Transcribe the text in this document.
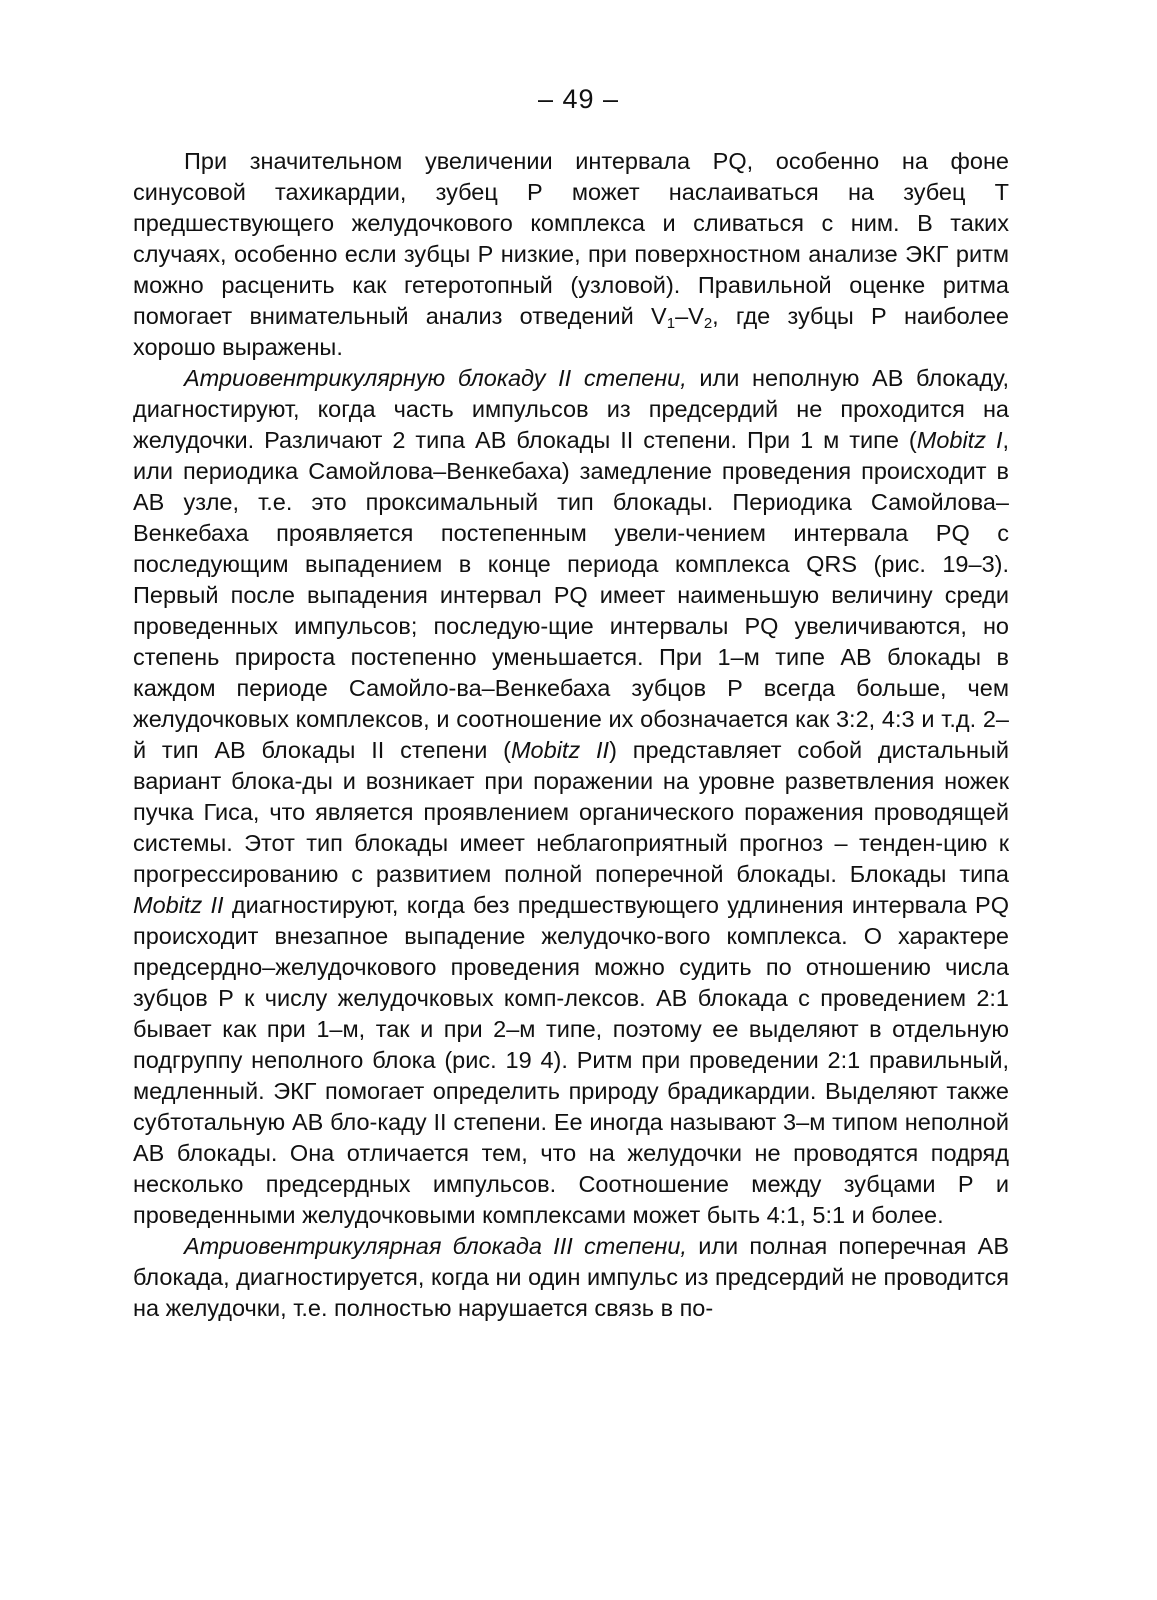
– 49 –

При значительном увеличении интервала PQ, особенно на фоне синусовой тахикардии, зубец Р может наслаиваться на зубец Т предшествующего желудочкового комплекса и сливаться с ним. В таких случаях, особенно если зубцы Р низкие, при поверхностном анализе ЭКГ ритм можно расценить как гетеротопный (узловой). Правильной оценке ритма помогает внимательный анализ отведений $V_1-V_2$, где зубцы Р наиболее хорошо выражены.

Атриовентрикулярную блокаду II степени, или неполную АВ блокаду, диагностируют, когда часть импульсов из предсердий не проходится на желудочки. Различают 2 типа АВ блокады II степени. При 1 м типе (Mobitz I, или периодика Самойлова–Венкебаха) замедление проведения происходит в АВ узле, т.е. это проксимальный тип блокады. Периодика Самойлова–Венкебаха проявляется постепенным увели-чением интервала PQ с последующим выпадением в конце периода комплекса QRS (рис. 19–3). Первый после выпадения интервал PQ имеет наименьшую величину среди проведенных импульсов; последую-щие интервалы PQ увеличиваются, но степень прироста постепенно уменьшается. При 1–м типе АВ блокады в каждом периоде Самойло-ва–Венкебаха зубцов Р всегда больше, чем желудочковых комплексов, и соотношение их обозначается как 3:2, 4:3 и т.д. 2–й тип АВ блокады II степени (Mobitz II) представляет собой дистальный вариант блока-ды и возникает при поражении на уровне разветвления ножек пучка Гиса, что является проявлением органического поражения проводящей системы. Этот тип блокады имеет неблагоприятный прогноз – тенден-цию к прогрессированию с развитием полной поперечной блокады. Блокады типа Mobitz II диагностируют, когда без предшествующего удлинения интервала PQ происходит внезапное выпадение желудочко-вого комплекса. О характере предсердно–желудочкового проведения можно судить по отношению числа зубцов Р к числу желудочковых комп-лексов. АВ блокада с проведением 2:1 бывает как при 1–м, так и при 2–м типе, поэтому ее выделяют в отдельную подгруппу неполного блока (рис. 19 4). Ритм при проведении 2:1 правильный, медленный. ЭКГ помогает определить природу брадикардии. Выделяют также субтотальную АВ бло-каду II степени. Ее иногда называют 3–м типом неполной АВ блокады. Она отличается тем, что на желудочки не проводятся подряд несколько предсердных импульсов. Соотношение между зубцами Р и проведенными желудочковыми комплексами может быть 4:1, 5:1 и более.

Атриовентрикулярная блокада III степени, или полная поперечная АВ блокада, диагностируется, когда ни один импульс из предсердий не проводится на желудочки, т.е. полностью нарушается связь в по-
